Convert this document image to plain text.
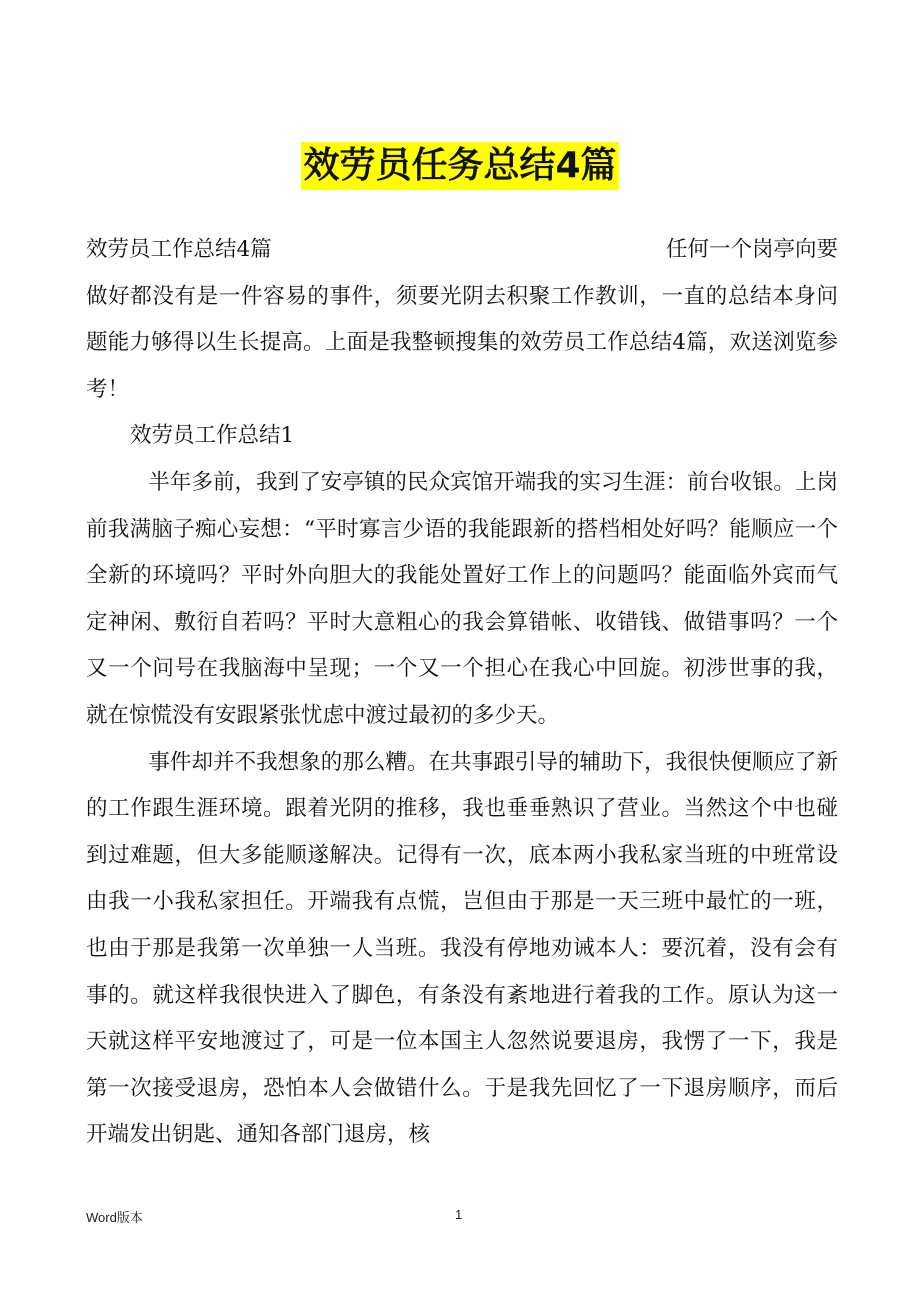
效劳员任务总结4篇
效劳员工作总结4篇	任何一个岗亭向要

做好都没有是一件容易的事件，须要光阴去积聚工作教训，一直的总结本身问题能力够得以生长提高。上面是我整顿搜集的效劳员工作总结4篇，欢送浏览参考！

效劳员工作总结1

半年多前，我到了安亭镇的民众宾馆开端我的实习生涯：前台收银。上岗前我满脑子痴心妄想：“平时寡言少语的我能跟新的搭档相处好吗？能顺应一个全新的环境吗？平时外向胆大的我能处置好工作上的问题吗？能面临外宾而气定神闲、敷衍自若吗？平时大意粗心的我会算错帐、收错钱、做错事吗？一个又一个问号在我脑海中呈现；一个又一个担心在我心中回旋。初涉世事的我，就在惊慌没有安跟紧张忧虑中渡过最初的多少天。

事件却并不我想象的那么糟。在共事跟引导的辅助下，我很快便顺应了新的工作跟生涯环境。跟着光阴的推移，我也垂垂熟识了营业。当然这个中也碰到过难题，但大多能顺遂解决。记得有一次，底本两小我私家当班的中班常设由我一小我私家担任。开端我有点慌，岂但由于那是一天三班中最忙的一班，也由于那是我第一次单独一人当班。我没有停地劝诫本人：要沉着，没有会有事的。就这样我很快进入了脚色，有条没有紊地进行着我的工作。原认为这一天就这样平安地渡过了，可是一位本国主人忽然说要退房，我愣了一下，我是第一次接受退房，恐怕本人会做错什么。于是我先回忆了一下退房顺序，而后开端发出钥匙、通知各部门退房，核

Word版本	1
